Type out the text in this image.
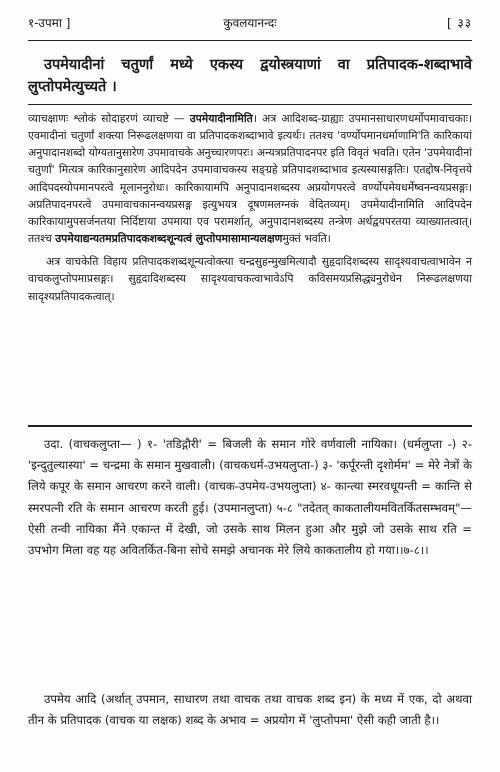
१-उपमा ]	कुवलयानन्दः	[ ३३

उपमेयादीनां चतुर्णां मध्ये एकस्य द्वयोस्त्रयाणां वा प्रतिपादक-शब्दाभावे लुप्तोपमेत्युच्यते ।

व्याचक्षाणः श्लोकं सोदाहरणं व्याचष्टे — उपमेयादीनामिति। अत्र आदिशब्द-ग्राह्याः उपमानसाधारणधर्मोपमावाचकाः। एवमादीनां चतुर्णां शक्त्या निरूढलक्षणया वा प्रतिपादकशब्दाभावे इत्यर्थः। ततश्च 'वर्ण्योपमानधर्माणामि'ति कारिकायां अनुपादानशब्दो योग्यतानुसारेण उपमावाचके अनुच्चारणपरः। अन्यत्रप्रतिपादनपर इति विवृतं भवति। एतेन 'उपमेयादीनां चतुर्णां' मित्यत्र कारिकानुसारेण आदिपदेन उपमावाचकस्य सङ्ग्रहे प्रतिपादशब्दाभाव इत्यस्यासङ्गतिः। एतद्दोष-निवृत्तये आदिपदस्योपमानपरत्वे मूलाननुरोधः। कारिकायामपि अनुपादानशब्दस्य अप्रयोगपरत्वे वर्ण्योपमेयधर्मेष्वनन्वयप्रसङ्गः। अप्रतिपादनपरत्वे उपमावाचकानन्वयप्रसङ्ग इत्युभयत्र दूषणमलग्नकं वेदितव्यम्। उपमेयादीनामिति आदिपदेन कारिकायामुपसर्जनतया निर्दिष्टाया उपमाया एव परामर्शात्, अनुपादानशब्दस्य तन्त्रेण अर्थद्वयपरतया व्याख्यातत्वात्। ततश्च उपमेयाद्यन्यतमप्रतिपादकशब्दशून्यत्वं लुप्तोपमासामान्यलक्षणमुक्तं भवति।

अत्र वाचकेति विहाय प्रतिपादकशब्दशून्यत्वोक्त्या चन्द्रसुहन्मुखमित्यादौ सुहृदादिशब्दस्य सादृश्यवाचत्वाभावेन न वाचकलुप्तोपमाप्रसङ्गः। सुहृदादिशब्दस्य सादृश्यवाचकत्वाभावेऽपि कविसमयप्रसिद्ध्यनुरोधेन निरूढलक्षणया सादृश्यप्रतिपादकत्वात्।

उदा. (वाचकलुप्ता— ) १- 'तडिद्गौरी' = बिजली के समान गोरे वर्णवाली नायिका। (धर्मलुप्ता -) २- 'इन्दुतुल्यास्या' = चन्द्रमा के समान मुखवाली। (वाचकधर्म-उभयलुप्ता-) ३- 'कर्पूरन्ती दृशोर्मम' = मेरे नेत्रों के लिये कपूर के समान आचरण करने वाली। (वाचक-उपमेय-उभयलुप्ता) ४- कान्त्या स्मरवधूयन्ती = कान्ति से स्मरपत्नी रति के समान आचरण करती हुई। (उपमानलुप्ता) ५-८ "तदेतत् काकतालीयमवितर्कितसम्भवम्"— ऐसी तन्वी नायिका मैंने एकान्त में देखी, जो उसके साथ मिलन हुआ और मुझे जो उसके साथ रति = उपभोग मिला वह यह अवितर्कित-बिना सोचे समझे अचानक मेरे लिये काकतालीय हो गया।।७-८।।

उपमेय आदि (अर्थात् उपमान, साधारण तथा वाचक तथा वाचक शब्द इन) के मध्य में एक, दो अथवा तीन के प्रतिपादक (वाचक या लक्षक) शब्द के अभाव = अप्रयोग में 'लुप्तोपमा' ऐसी कही जाती है।।
